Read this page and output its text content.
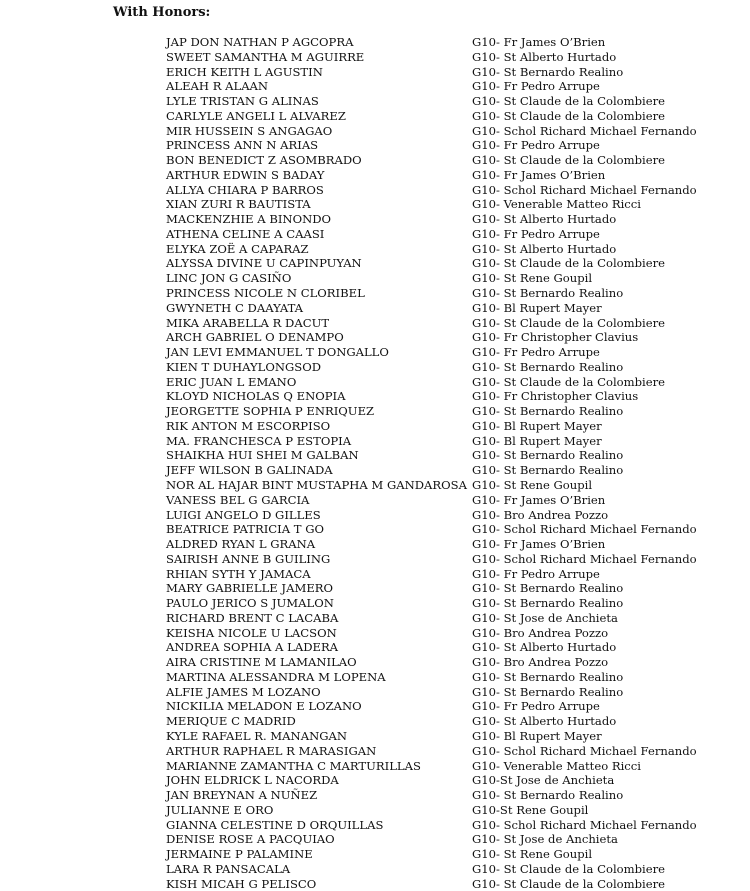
With Honors:
JAP DON NATHAN P AGCOPRA	G10- Fr James O’Brien
SWEET SAMANTHA M AGUIRRE	G10- St Alberto Hurtado
ERICH KEITH L AGUSTIN	G10- St Bernardo Realino
ALEAH R ALAAN	G10- Fr Pedro Arrupe
LYLE TRISTAN G ALINAS	G10- St Claude de la Colombiere
CARLYLE ANGELI L ALVAREZ	G10- St Claude de la Colombiere
MIR HUSSEIN S ANGAGAO	G10- Schol Richard Michael Fernando
PRINCESS ANN N ARIAS	G10- Fr Pedro Arrupe
BON BENEDICT Z ASOMBRADO	G10- St Claude de la Colombiere
ARTHUR EDWIN S BADAY	G10- Fr James O’Brien
ALLYA CHIARA P BARROS	G10- Schol Richard Michael Fernando
XIAN ZURI R BAUTISTA	G10- Venerable Matteo Ricci
MACKENZHIE A BINONDO	G10- St Alberto Hurtado
ATHENA CELINE A CAASI	G10- Fr Pedro Arrupe
ELYKA ZOË A CAPARAZ	G10- St Alberto Hurtado
ALYSSA DIVINE U CAPINPUYAN	G10- St Claude de la Colombiere
LINC JON G CASIÑO	G10- St Rene Goupil
PRINCESS NICOLE N CLORIBEL	G10- St Bernardo Realino
GWYNETH C DAAYATA	G10- Bl Rupert Mayer
MIKA ARABELLA R DACUT	G10- St Claude de la Colombiere
ARCH GABRIEL O DENAMPO	G10- Fr Christopher Clavius
JAN LEVI EMMANUEL T DONGALLO	G10- Fr Pedro Arrupe
KIEN T DUHAYLONGSOD	G10- St Bernardo Realino
ERIC JUAN L EMANO	G10- St Claude de la Colombiere
KLOYD NICHOLAS Q ENOPIA	G10- Fr Christopher Clavius
JEORGETTE SOPHIA P ENRIQUEZ	G10- St Bernardo Realino
RIK ANTON M ESCORPISO	G10- Bl Rupert Mayer
MA. FRANCHESCA P ESTOPIA	G10- Bl Rupert Mayer
SHAIKHA HUI SHEI M GALBAN	G10- St Bernardo Realino
JEFF WILSON B GALINADA	G10- St Bernardo Realino
NOR AL HAJAR BINT MUSTAPHA M GANDAROSA G10- St Rene Goupil
VANESS BEL G GARCIA	G10- Fr James O’Brien
LUIGI ANGELO D GILLES	G10- Bro Andrea Pozzo
BEATRICE PATRICIA T GO	G10- Schol Richard Michael Fernando
ALDRED RYAN L GRANA	G10- Fr James O’Brien
SAIRISH ANNE B GUILING	G10- Schol Richard Michael Fernando
RHIAN SYTH Y JAMACA	G10- Fr Pedro Arrupe
MARY GABRIELLE JAMERO	G10- St Bernardo Realino
PAULO JERICO S JUMALON	G10- St Bernardo Realino
RICHARD BRENT C LACABA	G10- St Jose de Anchieta
KEISHA NICOLE U LACSON	G10- Bro Andrea Pozzo
ANDREA SOPHIA A LADERA	G10- St Alberto Hurtado
AIRA CRISTINE M LAMANILAO	G10- Bro Andrea Pozzo
MARTINA ALESSANDRA M LOPENA	G10- St Bernardo Realino
ALFIE JAMES M LOZANO	G10- St Bernardo Realino
NICKILIA MELADON E LOZANO	G10- Fr Pedro Arrupe
MERIQUE C MADRID	G10- St Alberto Hurtado
KYLE RAFAEL R. MANANGAN	G10- Bl Rupert Mayer
ARTHUR RAPHAEL R MARASIGAN	G10- Schol Richard Michael Fernando
MARIANNE ZAMANTHA C MARTURILLAS	G10- Venerable Matteo Ricci
JOHN ELDRICK L NACORDA	G10-St Jose de Anchieta
JAN BREYNAN A NUÑEZ	G10- St Bernardo Realino
JULIANNE E ORO	G10-St Rene Goupil
GIANNA CELESTINE D ORQUILLAS	G10- Schol Richard Michael Fernando
DENISE ROSE A PACQUIAO	G10- St Jose de Anchieta
JERMAINE P PALAMINE	G10- St Rene Goupil
LARA R PANSACALA	G10- St Claude de la Colombiere
KISH MICAH G PELISCO	G10- St Claude de la Colombiere
